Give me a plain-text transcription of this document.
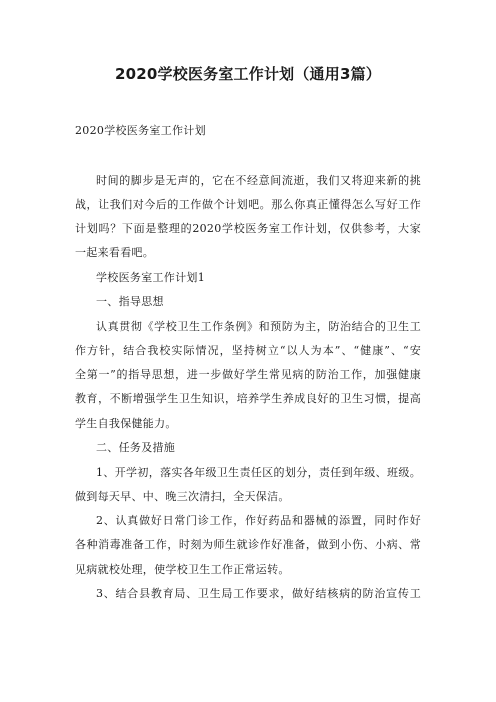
2020学校医务室工作计划（通用3篇）
2020学校医务室工作计划
时间的脚步是无声的，它在不经意间流逝，我们又将迎来新的挑
战，让我们对今后的工作做个计划吧。那么你真正懂得怎么写好工作
计划吗？下面是整理的2020学校医务室工作计划，仅供参考，大家
一起来看看吧。
学校医务室工作计划1
一、指导思想
认真贯彻《学校卫生工作条例》和预防为主，防治结合的卫生工
作方针，结合我校实际情况，坚持树立“以人为本”、“健康”、“安
全第一”的指导思想，进一步做好学生常见病的防治工作，加强健康
教育，不断增强学生卫生知识，培养学生养成良好的卫生习惯，提高
学生自我保健能力。
二、任务及措施
1、开学初，落实各年级卫生责任区的划分，责任到年级、班级。
做到每天早、中、晚三次清扫，全天保洁。
2、认真做好日常门诊工作，作好药品和器械的添置，同时作好
各种消毒准备工作，时刻为师生就诊作好准备，做到小伤、小病、常
见病就校处理，使学校卫生工作正常运转。
3、结合县教育局、卫生局工作要求，做好结核病的防治宣传工
